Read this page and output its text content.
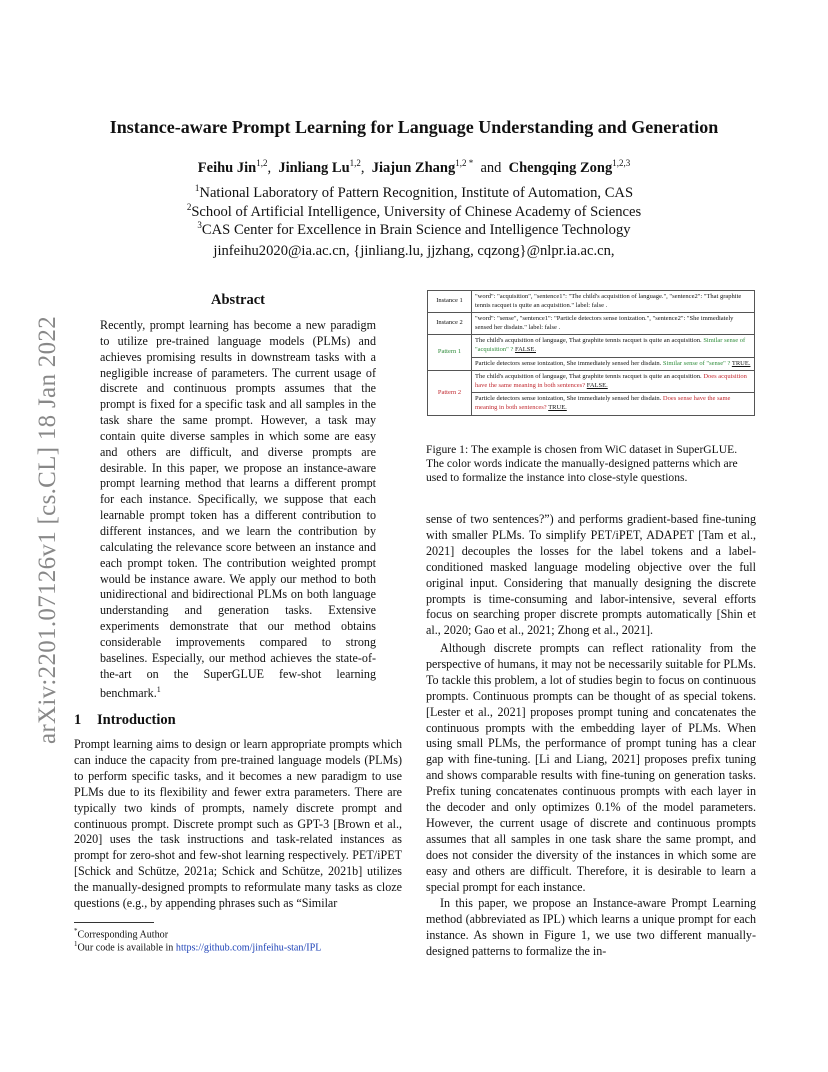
arXiv:2201.07126v1 [cs.CL] 18 Jan 2022
Instance-aware Prompt Learning for Language Understanding and Generation
Feihu Jin$^{1,2}$,  Jinliang Lu$^{1,2}$,  Jiajun Zhang$^{1,2 *}$ and Chengqing Zong$^{1,2,3}$
$^1$National Laboratory of Pattern Recognition, Institute of Automation, CAS
$^2$School of Artificial Intelligence, University of Chinese Academy of Sciences
$^3$CAS Center for Excellence in Brain Science and Intelligence Technology
jinfeihu2020@ia.ac.cn, {jinliang.lu, jjzhang, cqzong}@nlpr.ia.ac.cn,
Abstract
Recently, prompt learning has become a new paradigm to utilize pre-trained language models (PLMs) and achieves promising results in downstream tasks with a negligible increase of parameters. The current usage of discrete and continuous prompts assumes that the prompt is fixed for a specific task and all samples in the task share the same prompt. However, a task may contain quite diverse samples in which some are easy and others are difficult, and diverse prompts are desirable. In this paper, we propose an instance-aware prompt learning method that learns a different prompt for each instance. Specifically, we suppose that each learnable prompt token has a different contribution to different instances, and we learn the contribution by calculating the relevance score between an instance and each prompt token. The contribution weighted prompt would be instance aware. We apply our method to both unidirectional and bidirectional PLMs on both language understanding and generation tasks. Extensive experiments demonstrate that our method obtains considerable improvements compared to strong baselines. Especially, our method achieves the state-of-the-art on the SuperGLUE few-shot learning benchmark.$^1$
1 Introduction
Prompt learning aims to design or learn appropriate prompts which can induce the capacity from pre-trained language models (PLMs) to perform specific tasks, and it becomes a new paradigm to use PLMs due to its flexibility and fewer extra parameters. There are typically two kinds of prompts, namely discrete prompt and continuous prompt. Discrete prompt such as GPT-3 [Brown et al., 2020] uses the task instructions and task-related instances as prompt for zero-shot and few-shot learning respectively. PET/iPET [Schick and Schütze, 2021a; Schick and Schütze, 2021b] utilizes the manually-designed prompts to reformulate many tasks as cloze questions (e.g., by appending phrases such as “Similar
*Corresponding Author
$^1$Our code is available in https://github.com/jinfeihu-stan/IPL
Instance 1	"word": "acquisition", "sentence1": "The child's acquisition of language.", "sentence2": "That graphite tennis racquet is quite an acquisition." label: false .
Instance 2	"word": "sense", "sentence1": "Particle detectors sense ionization.", "sentence2": "She immediately sensed her disdain." label: false .
Pattern 1	The child's acquisition of language, That graphite tennis racquet is quite an acquisition. Similar sense of "acquisition" ? FALSE.
	Particle detectors sense ionization, She immediately sensed her disdain. Similar sense of "sense" ? TRUE.
Pattern 2	The child's acquisition of language, That graphite tennis racquet is quite an acquisition. Does acquisition have the same meaning in both sentences? FALSE.
	Particle detectors sense ionization, She immediately sensed her disdain. Does sense have the same meaning in both sentences? TRUE.
Figure 1: The example is chosen from WiC dataset in SuperGLUE. The color words indicate the manually-designed patterns which are used to formalize the instance into close-style questions.
sense of two sentences?”) and performs gradient-based fine-tuning with smaller PLMs. To simplify PET/iPET, ADAPET [Tam et al., 2021] decouples the losses for the label tokens and a label-conditioned masked language modeling objective over the full original input. Considering that manually designing the discrete prompts is time-consuming and labor-intensive, several efforts focus on searching proper discrete prompts automatically [Shin et al., 2020; Gao et al., 2021; Zhong et al., 2021].
Although discrete prompts can reflect rationality from the perspective of humans, it may not be necessarily suitable for PLMs. To tackle this problem, a lot of studies begin to focus on continuous prompts. Continuous prompts can be thought of as special tokens. [Lester et al., 2021] proposes prompt tuning and concatenates the continuous prompts with the embedding layer of PLMs. When using small PLMs, the performance of prompt tuning has a clear gap with fine-tuning. [Li and Liang, 2021] proposes prefix tuning and shows comparable results with fine-tuning on generation tasks. Prefix tuning concatenates continuous prompts with each layer in the decoder and only optimizes 0.1% of the model parameters. However, the current usage of discrete and continuous prompts assumes that all samples in one task share the same prompt, and does not consider the diversity of the instances in which some are easy and others are difficult. Therefore, it is desirable to learn a special prompt for each instance.
In this paper, we propose an Instance-aware Prompt Learning method (abbreviated as IPL) which learns a unique prompt for each instance. As shown in Figure 1, we use two different manually-designed patterns to formalize the in-
